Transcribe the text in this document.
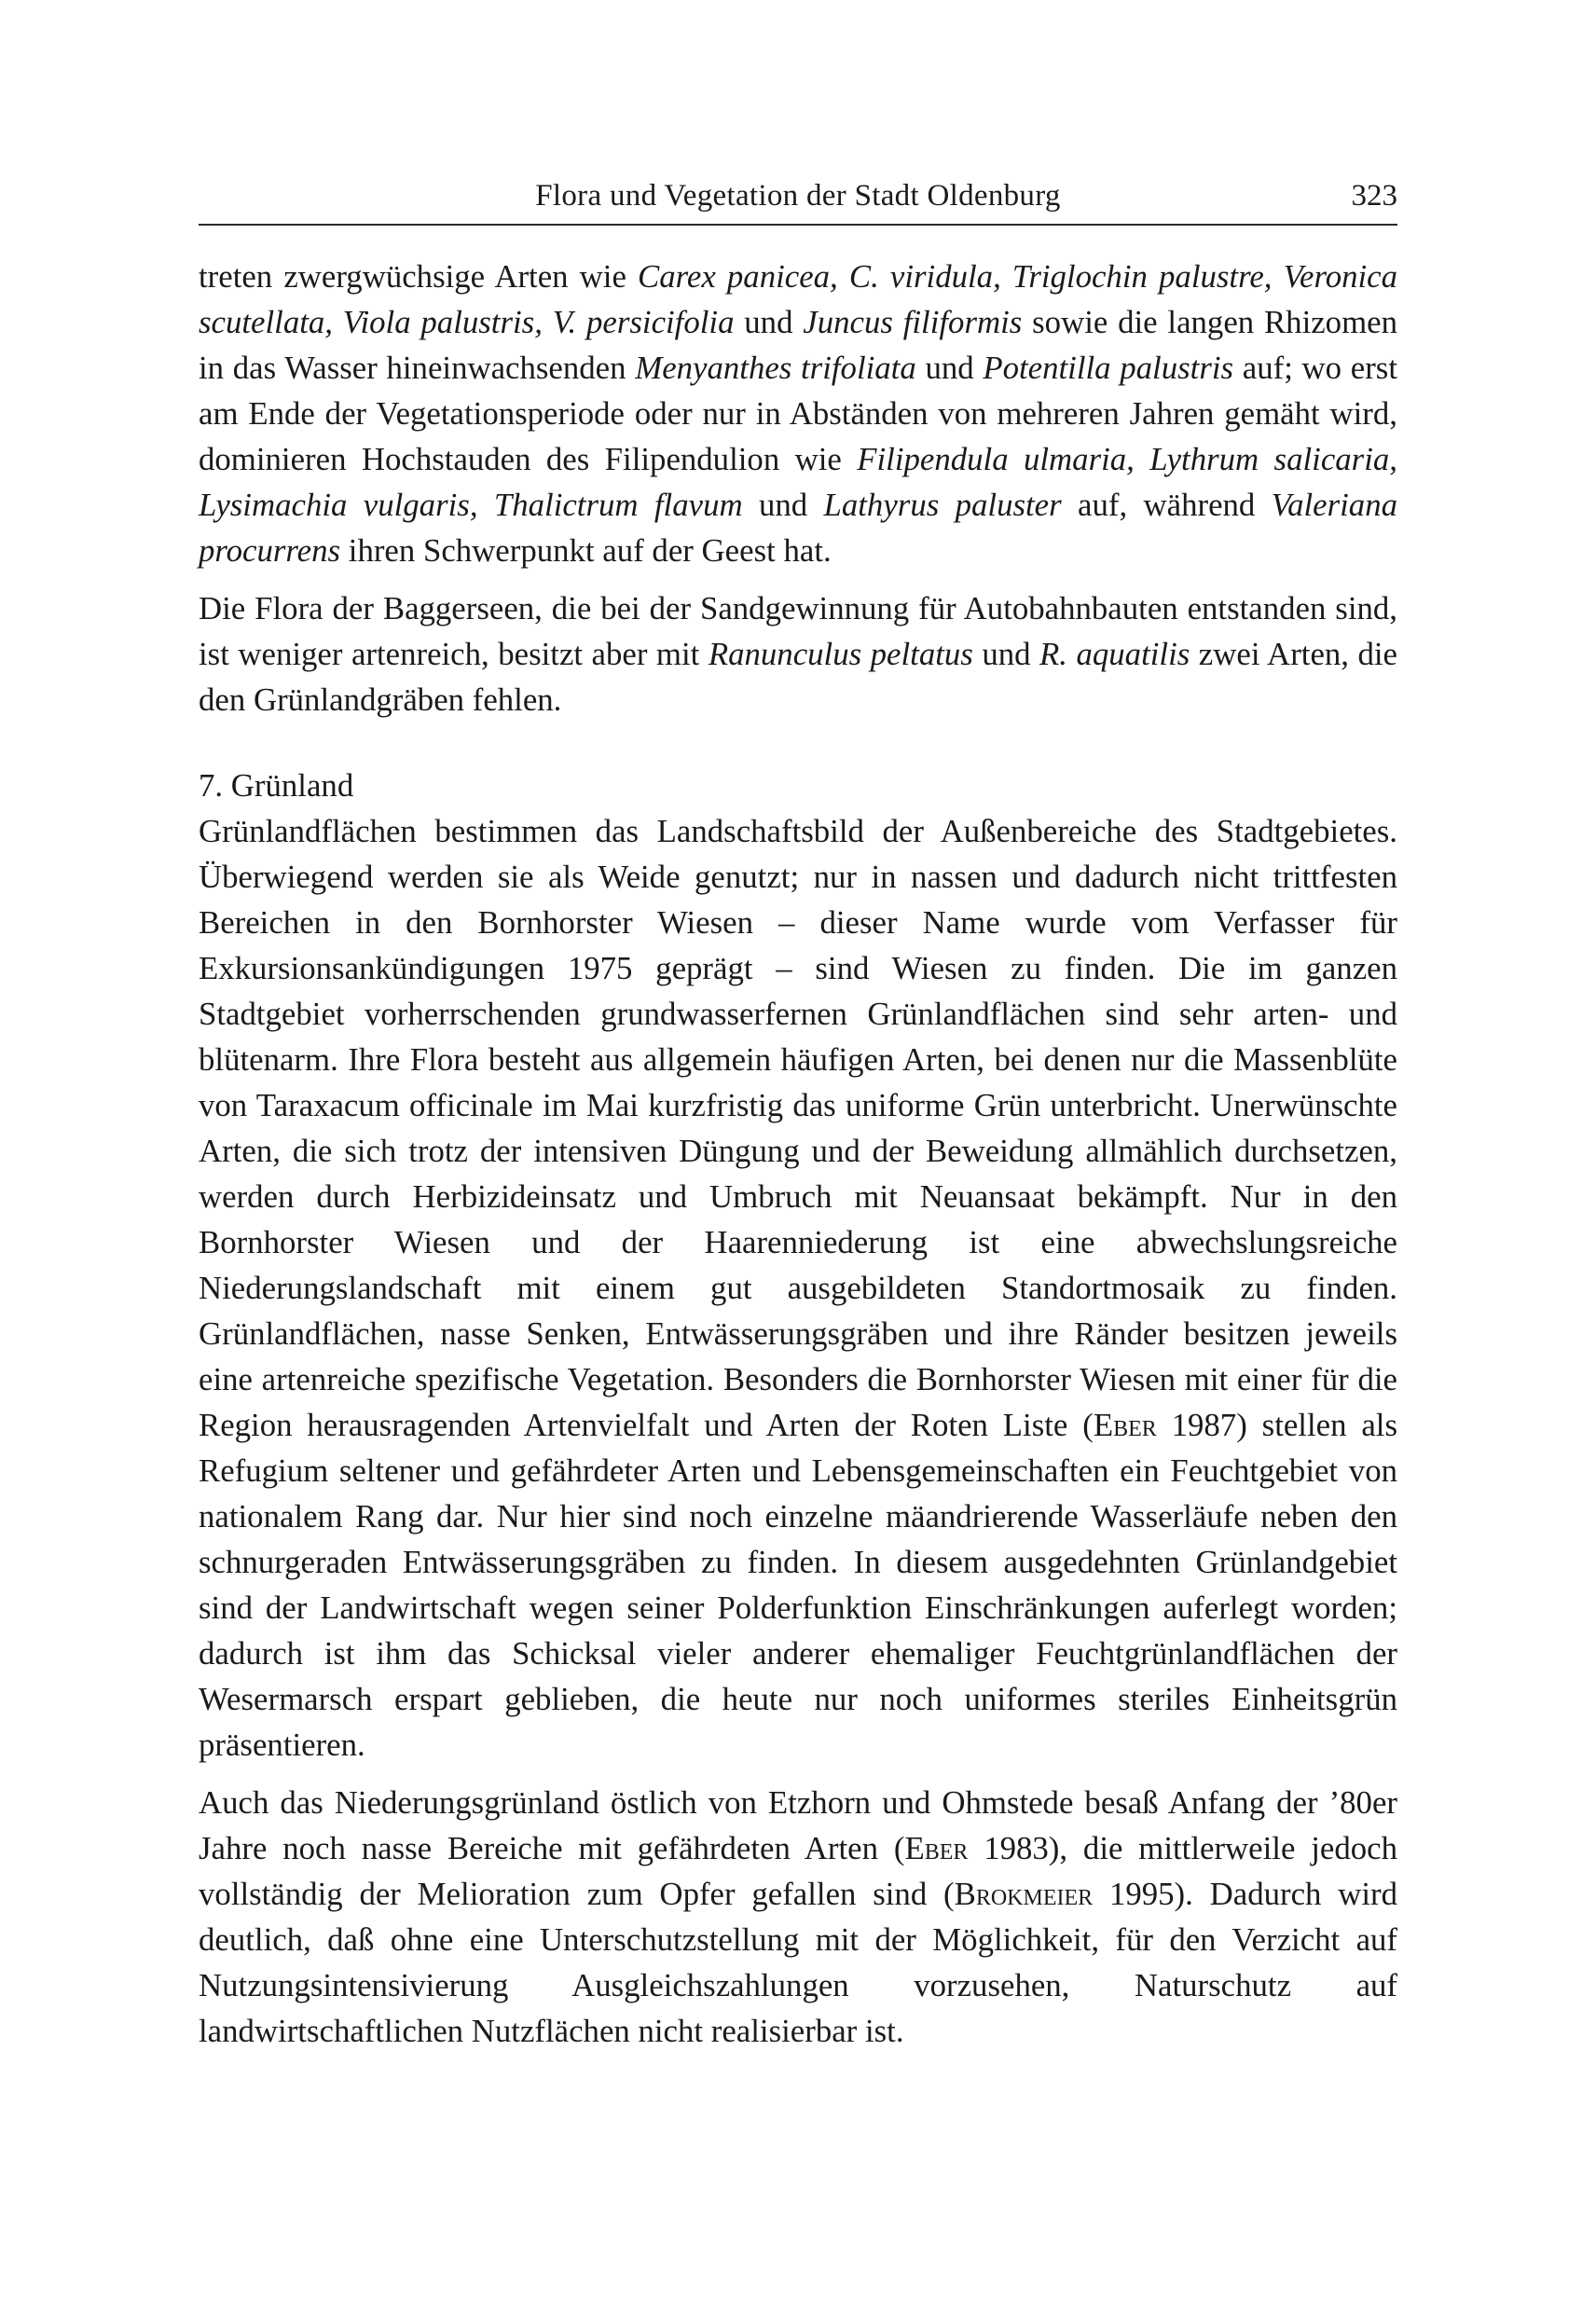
Flora und Vegetation der Stadt Oldenburg	323

treten zwergwüchsige Arten wie Carex panicea, C. viridula, Triglochin palustre, Veronica scutellata, Viola palustris, V. persicifolia und Juncus filiformis sowie die langen Rhizomen in das Wasser hineinwachsenden Menyanthes trifoliata und Potentilla palustris auf; wo erst am Ende der Vegetationsperiode oder nur in Abständen von mehreren Jahren gemäht wird, dominieren Hochstauden des Filipendulion wie Filipendula ulmaria, Lythrum salicaria, Lysimachia vulgaris, Thalictrum flavum und Lathyrus paluster auf, während Valeriana procurrens ihren Schwerpunkt auf der Geest hat.

Die Flora der Baggerseen, die bei der Sandgewinnung für Autobahnbauten entstanden sind, ist weniger artenreich, besitzt aber mit Ranunculus peltatus und R. aquatilis zwei Arten, die den Grünlandgräben fehlen.

7. Grünland

Grünlandflächen bestimmen das Landschaftsbild der Außenbereiche des Stadtgebietes. Überwiegend werden sie als Weide genutzt; nur in nassen und dadurch nicht trittfesten Bereichen in den Bornhorster Wiesen – dieser Name wurde vom Verfasser für Exkursionsankündigungen 1975 geprägt – sind Wiesen zu finden. Die im ganzen Stadtgebiet vorherrschenden grundwasserfernen Grünlandflächen sind sehr arten- und blütenarm. Ihre Flora besteht aus allgemein häufigen Arten, bei denen nur die Massenblüte von Taraxacum officinale im Mai kurzfristig das uniforme Grün unterbricht. Unerwünschte Arten, die sich trotz der intensiven Düngung und der Beweidung allmählich durchsetzen, werden durch Herbizideinsatz und Umbruch mit Neuansaat bekämpft. Nur in den Bornhorster Wiesen und der Haarenniederung ist eine abwechslungsreiche Niederungslandschaft mit einem gut ausgebildeten Standortmosaik zu finden. Grünlandflächen, nasse Senken, Entwässerungsgräben und ihre Ränder besitzen jeweils eine artenreiche spezifische Vegetation. Besonders die Bornhorster Wiesen mit einer für die Region herausragenden Artenvielfalt und Arten der Roten Liste (Eber 1987) stellen als Refugium seltener und gefährdeter Arten und Lebensgemeinschaften ein Feuchtgebiet von nationalem Rang dar. Nur hier sind noch einzelne mäandrierende Wasserläufe neben den schnurgeraden Entwässerungsgräben zu finden. In diesem ausgedehnten Grünlandgebiet sind der Landwirtschaft wegen seiner Polderfunktion Einschränkungen auferlegt worden; dadurch ist ihm das Schicksal vieler anderer ehemaliger Feuchtgrünlandflächen der Wesermarsch erspart geblieben, die heute nur noch uniformes steriles Einheitsgrün präsentieren.

Auch das Niederungsgrünland östlich von Etzhorn und Ohmstede besaß Anfang der ’80er Jahre noch nasse Bereiche mit gefährdeten Arten (Eber 1983), die mittlerweile jedoch vollständig der Melioration zum Opfer gefallen sind (Brokmeier 1995). Dadurch wird deutlich, daß ohne eine Unterschutzstellung mit der Möglichkeit, für den Verzicht auf Nutzungsintensivierung Ausgleichszahlungen vorzusehen, Naturschutz auf landwirtschaftlichen Nutzflächen nicht realisierbar ist.
